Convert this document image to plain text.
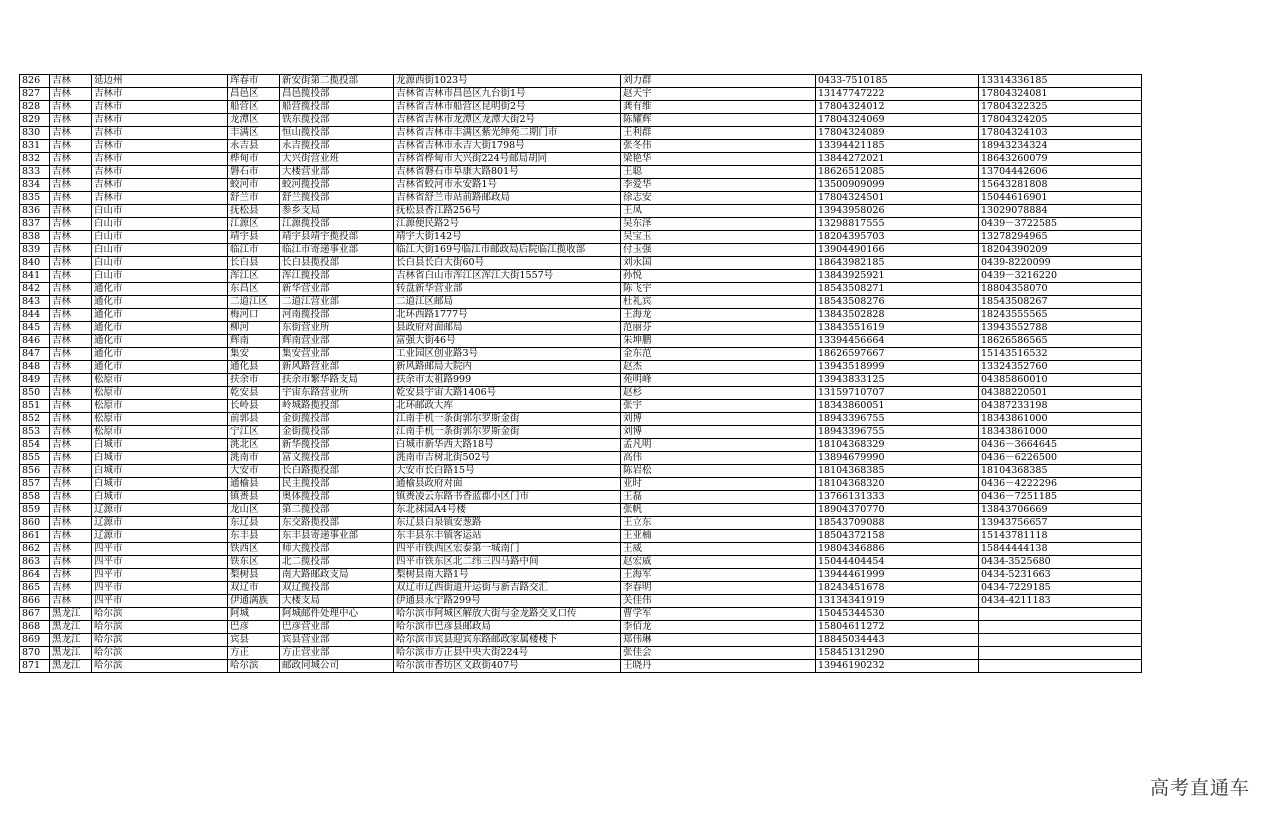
826	吉林	延边州	珲春市	新安街第二揽投部	龙源西街1023号	刘力群	0433-7510185	13314336185
827	吉林	吉林市	昌邑区	昌邑揽投部	吉林省吉林市昌邑区九台街1号	赵天宇	13147747222	17804324081
828	吉林	吉林市	船营区	船营揽投部	吉林省吉林市船营区昆明街2号	龚有维	17804324012	17804322325
829	吉林	吉林市	龙潭区	铁东揽投部	吉林省吉林市龙潭区龙潭大街2号	陈耀辉	17804324069	17804324205
830	吉林	吉林市	丰满区	恒山揽投部	吉林省吉林市丰满区紫光绅苑二期门市	王利群	17804324089	17804324103
831	吉林	吉林市	永吉县	永吉揽投部	吉林省吉林市永吉大街1798号	张冬伟	13394421185	18943234324
832	吉林	吉林市	桦甸市	大兴街营业班	吉林省桦甸市大兴街224号邮局胡同	梁艳华	13844272021	18643260079
833	吉林	吉林市	磐石市	大楼营业部	吉林省磐石市阜康大路801号	王聪	18626512085	13704442606
834	吉林	吉林市	蛟河市	蛟河揽投部	吉林省蛟河市永安路1号	李爱华	13500909099	15643281808
835	吉林	吉林市	舒兰市	舒兰揽投部	吉林省舒兰市站前路邮政局	徐志安	17804324501	15044616901
836	吉林	白山市	抚松县	参乡支局	抚松县香江路256号	王凤	13943958026	13029078884
837	吉林	白山市	江源区	江源揽投部	江源便民路2号	吴东泽	13298817555	0439－3722585
838	吉林	白山市	靖宇县	靖宇县靖宇揽投部	靖宇大街142号	吴宝玉	18204395703	13278294965
839	吉林	白山市	临江市	临江市寄递事业部	临江大街169号临江市邮政局后院临江揽收部	付玉强	13904490166	18204390209
840	吉林	白山市	长白县	长白县揽投部	长白县长白大街60号	刘永国	18643982185	0439-8220099
841	吉林	白山市	浑江区	浑江揽投部	吉林省白山市浑江区浑江大街1557号	孙悦	13843925921	0439－3216220
842	吉林	通化市	东昌区	新华营业部	转盘新华营业部	陈飞宇	18543508271	18804358070
843	吉林	通化市	二道江区	二道江营业部	二道江区邮局	杜礼宾	18543508276	18543508267
844	吉林	通化市	梅河口	河南揽投部	北环西路1777号	王海龙	13843502828	18243555565
845	吉林	通化市	柳河	东街营业所	县政府对面邮局	范丽芬	13843551619	13943552788
846	吉林	通化市	辉南	辉南营业部	富强大街46号	朱坤鹏	13394456664	18626586565
847	吉林	通化市	集安	集安营业部	工业园区创业路3号	金东范	18626597667	15143516532
848	吉林	通化市	通化县	新风路营业部	新风路邮局大院内	赵杰	13943518999	13324352760
849	吉林	松原市	扶余市	扶余市繁华路支局	扶余市太祖路999	苑明峰	13943833125	04385860010
850	吉林	松原市	乾安县	宇宙东路营业所	乾安县宇宙大路1406号	赵杉	13159710707	04388220501
851	吉林	松原市	长岭县	岭城路揽投部	北环邮政大库	张宇	18343860051	04387233198
852	吉林	松原市	前郭县	金街揽投部	江南手机一条街郭尔罗斯金街	刘博	18943396755	18343861000
853	吉林	松原市	宁江区	金街揽投部	江南手机一条街郭尔罗斯金街	刘博	18943396755	18343861000
854	吉林	白城市	洮北区	新华揽投部	白城市新华西大路18号	孟凡明	18104368329	0436－3664645
855	吉林	白城市	洮南市	富文揽投部	洮南市吉树北街502号	高伟	13894679990	0436－6226500
856	吉林	白城市	大安市	长白路揽投部	大安市长白路15号	陈岩松	18104368385	18104368385
857	吉林	白城市	通榆县	民主揽投部	通榆县政府对面	亚时	18104368320	0436－4222296
858	吉林	白城市	镇赉县	奥体揽投部	镇赉凌云东路书香蓝郡小区门市	王磊	13766131333	0436－7251185
859	吉林	辽源市	龙山区	第二揽投部	东北袜园A4号楼	张帆	18904370770	13843706669
860	吉林	辽源市	东辽县	东交路揽投部	东辽县白泉镇安葱路	王立东	18543709088	13943756657
861	吉林	辽源市	东丰县	东丰县寄递事业部	东丰县东丰镇客运站	王亚楠	18504372158	15143781118
862	吉林	四平市	铁西区	师大揽投部	四平市铁西区宏泰第一城南门	王威	19804346886	15844444138
863	吉林	四平市	铁东区	北二揽投部	四平市铁东区北二纬三四马路中间	赵宏威	15044404454	0434-3525680
864	吉林	四平市	梨树县	南大路邮政支局	梨树县南大路1号	王海军	13944461999	0434-5231663
865	吉林	四平市	双辽市	双辽揽投部	双辽市辽西街道开运街与新吉路交汇	李春明	18243451678	0434-7229185
866	吉林	四平市	伊通满族	大楼支局	伊通县永宁路299号	关佳伟	13134341919	0434-4211183
867	黑龙江	哈尔滨	阿城	阿城邮件处理中心	哈尔滨市阿城区解放大街与金龙路交叉口传	曹学军	15045344530	
868	黑龙江	哈尔滨	巴彦	巴彦营业部	哈尔滨市巴彦县邮政局	李佰龙	15804611272	
869	黑龙江	哈尔滨	宾县	宾县营业部	哈尔滨市宾县迎宾东路邮政家属楼楼下	郑伟琳	18845034443	
870	黑龙江	哈尔滨	方正	方正营业部	哈尔滨市方正县中央大街224号	张佳会	15845131290	
871	黑龙江	哈尔滨	哈尔滨	邮政同城公司	哈尔滨市香坊区文政街407号	王晓丹	13946190232	
高考直通车
